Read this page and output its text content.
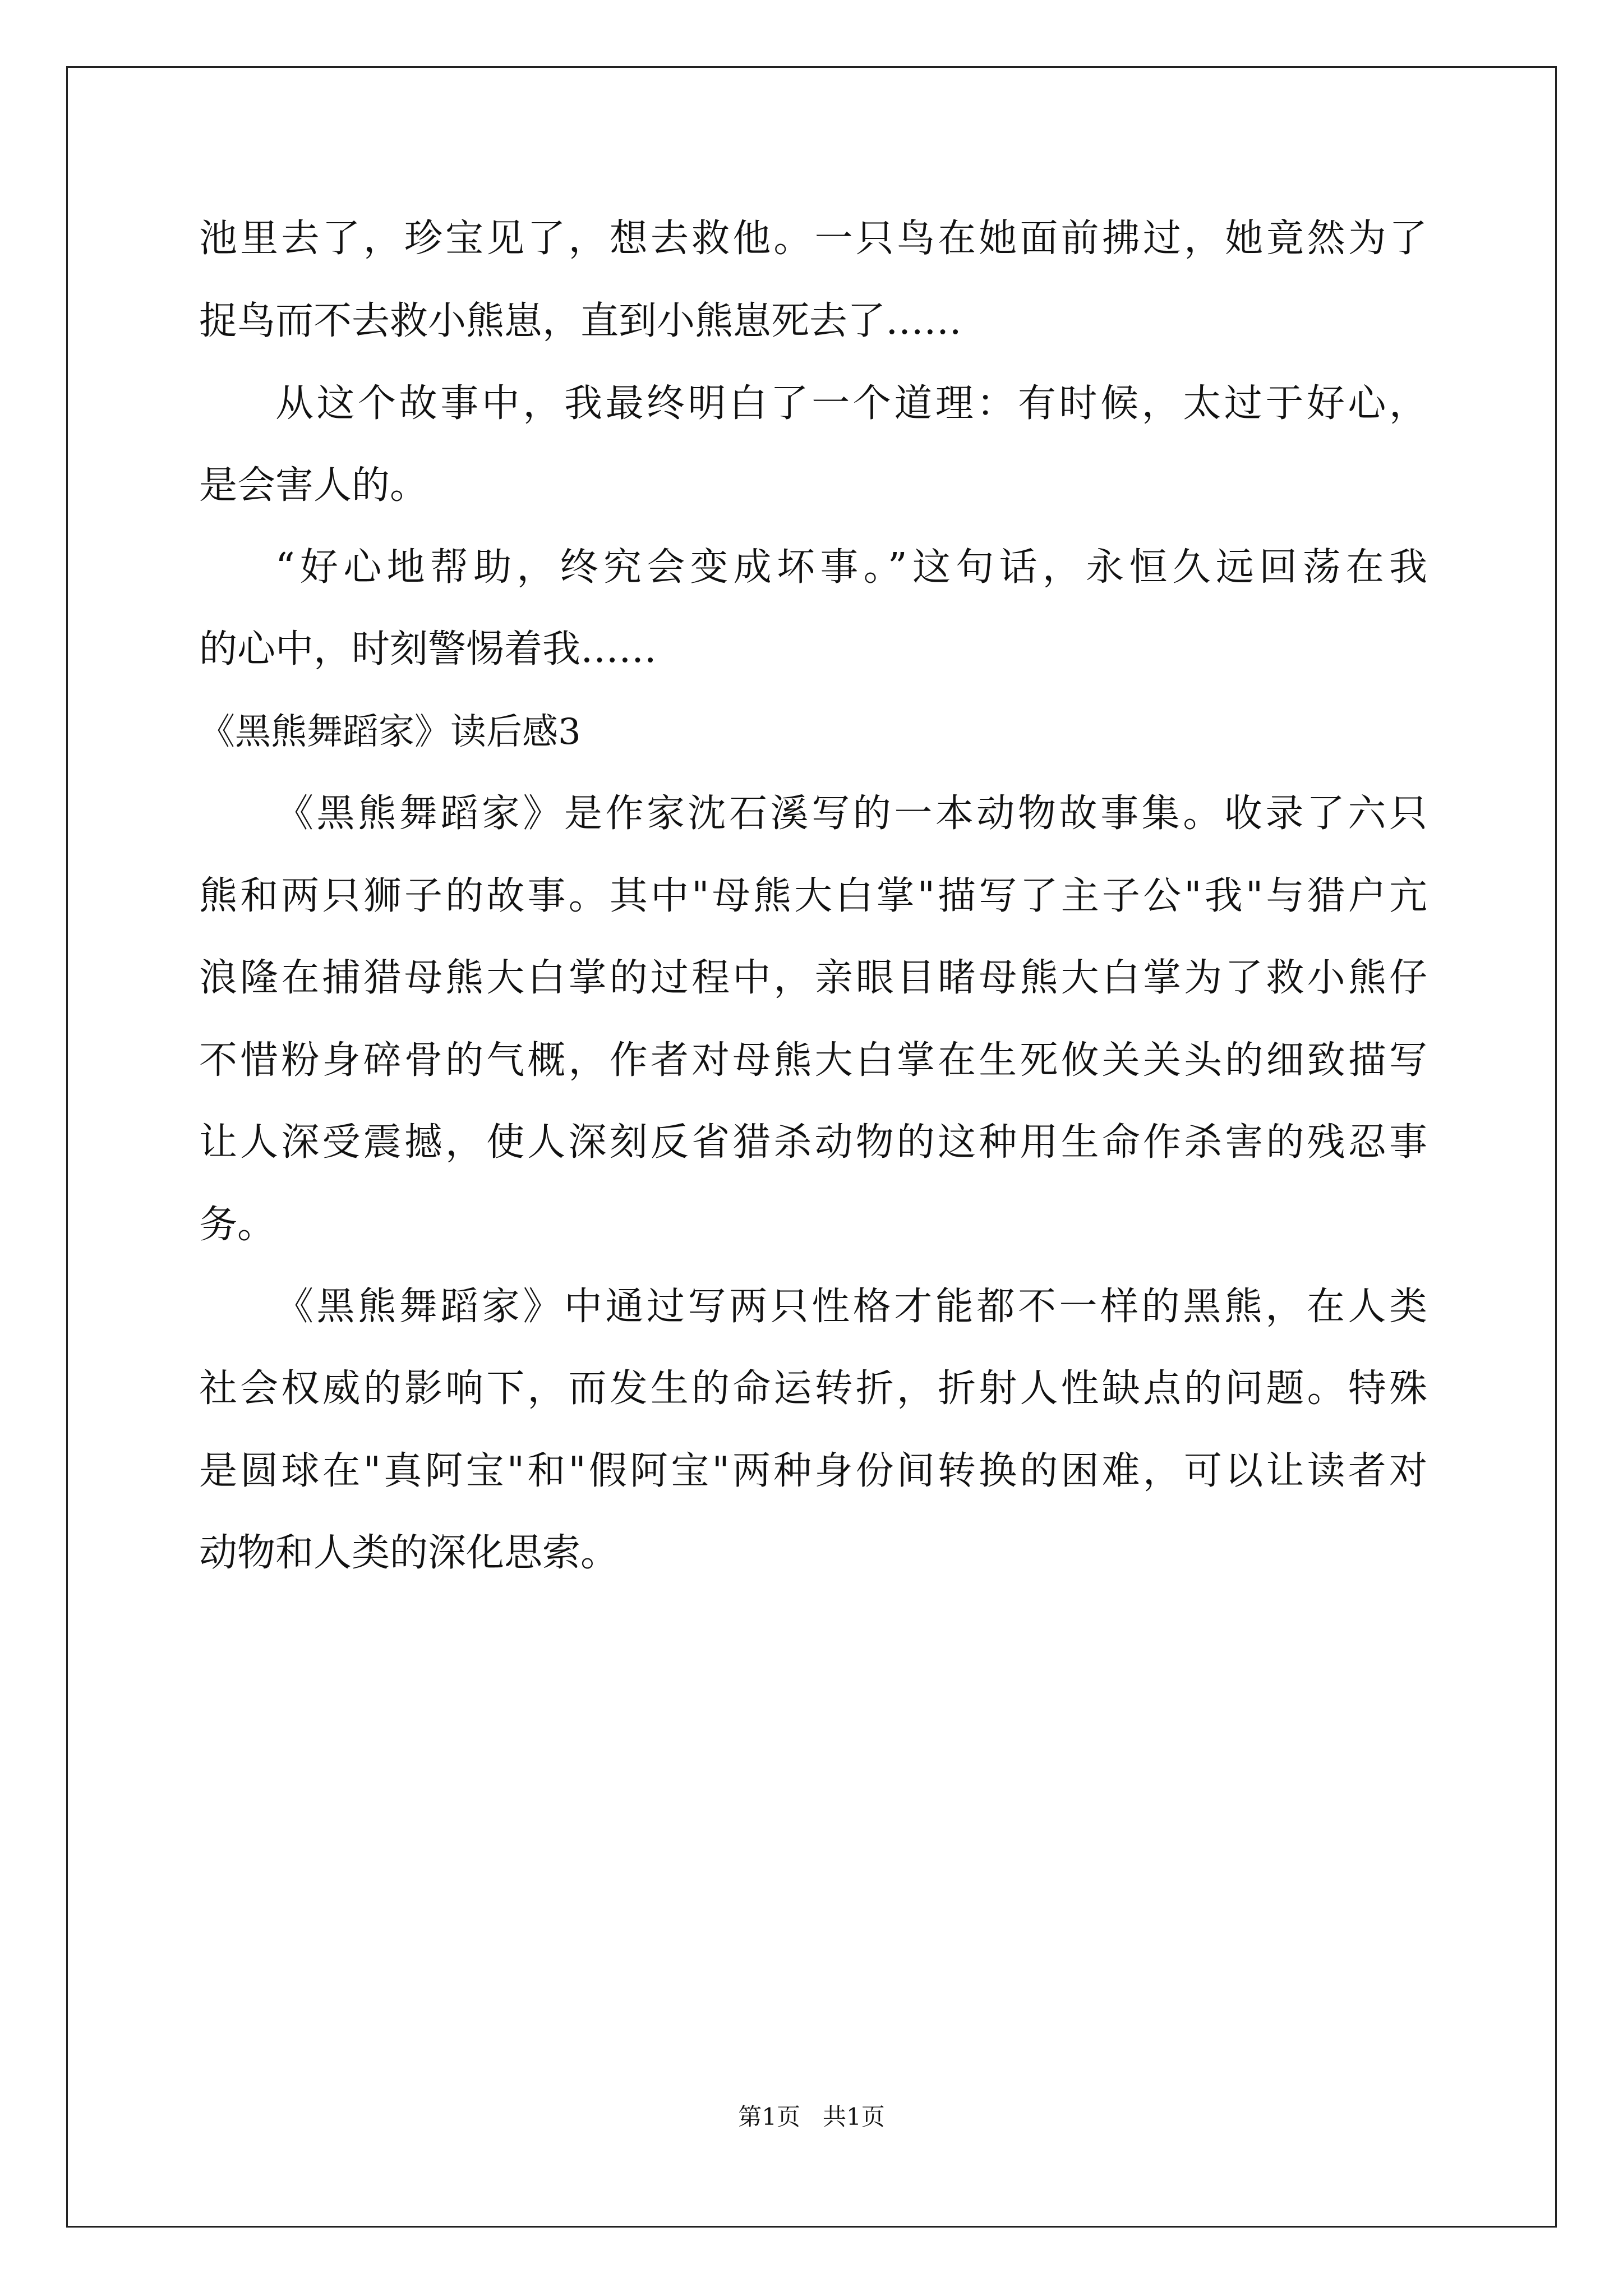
池里去了，珍宝见了，想去救他。一只鸟在她面前拂过，她竟然为了
捉鸟而不去救小熊崽，直到小熊崽死去了……
从这个故事中，我最终明白了一个道理：有时候，太过于好心，
是会害人的。
“好心地帮助，终究会变成坏事。”这句话，永恒久远回荡在我
的心中，时刻警惕着我……
《黑熊舞蹈家》读后感3
《黑熊舞蹈家》是作家沈石溪写的一本动物故事集。收录了六只
熊和两只狮子的故事。其中"母熊大白掌"描写了主子公"我"与猎户亢
浪隆在捕猎母熊大白掌的过程中，亲眼目睹母熊大白掌为了救小熊仔
不惜粉身碎骨的气概，作者对母熊大白掌在生死攸关关头的细致描写
让人深受震撼，使人深刻反省猎杀动物的这种用生命作杀害的残忍事
务。
《黑熊舞蹈家》中通过写两只性格才能都不一样的黑熊，在人类
社会权威的影响下，而发生的命运转折，折射人性缺点的问题。特殊
是圆球在"真阿宝"和"假阿宝"两种身份间转换的困难，可以让读者对
动物和人类的深化思索。
第1页 共1页
